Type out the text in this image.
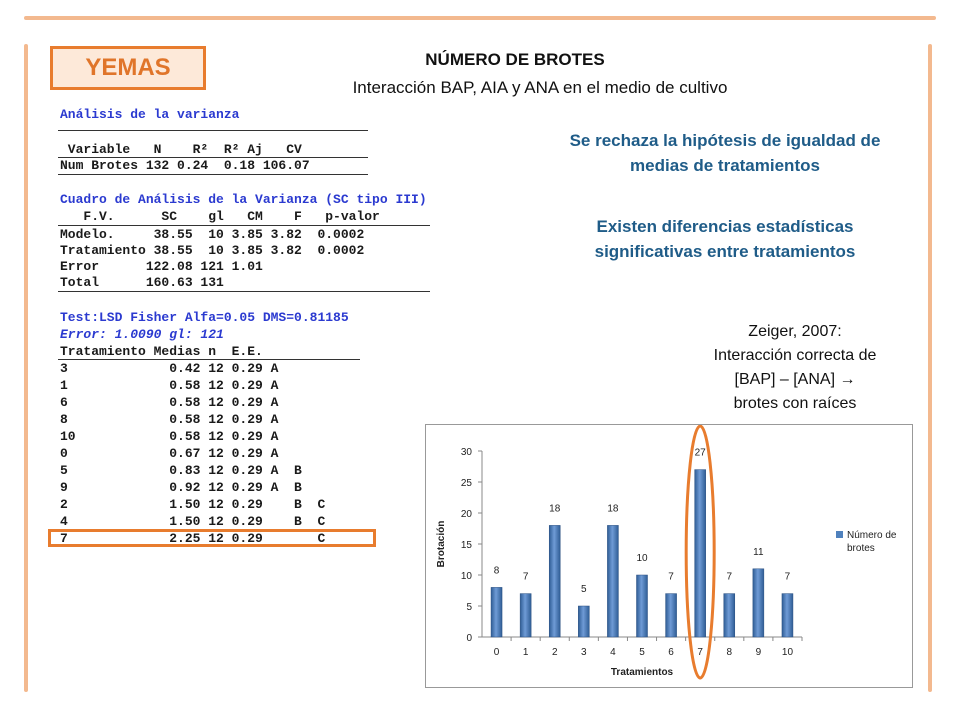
YEMAS	NÚMERO DE BROTES
Interacción BAP, AIA y ANA en el medio de cultivo
Análisis de la varianza
Variable   N    R²  R² Aj   CV
Num Brotes 132 0.24  0.18 106.07
Cuadro de Análisis de la Varianza (SC tipo III)
F.V.      SC    gl   CM    F   p-valor
Modelo.     38.55  10 3.85 3.82  0.0002
Tratamiento 38.55  10 3.85 3.82  0.0002
Error      122.08 121 1.01
Total      160.63 131
Test:LSD Fisher Alfa=0.05 DMS=0.81185
Error: 1.0090 gl: 121
Tratamiento Medias n  E.E.
3             0.42 12 0.29 A
1             0.58 12 0.29 A
6             0.58 12 0.29 A
8             0.58 12 0.29 A
10            0.58 12 0.29 A
0             0.67 12 0.29 A
5             0.83 12 0.29 A  B
9             0.92 12 0.29 A  B
2             1.50 12 0.29    B  C
4             1.50 12 0.29    B  C
7             2.25 12 0.29       C
Se rechaza la hipótesis de igualdad de medias de tratamientos
Existen diferencias estadísticas significativas entre tratamientos
Zeiger, 2007:
Interacción correcta de
[BAP] – [ANA] →
brotes con raíces
0
5
10
15
20
25
30
8
0
7
1
18
2
5
3
18
4
10
5
7
6
27
7
7
8
11
9
7
10
Tratamientos
Brotación	Número de
brotes
